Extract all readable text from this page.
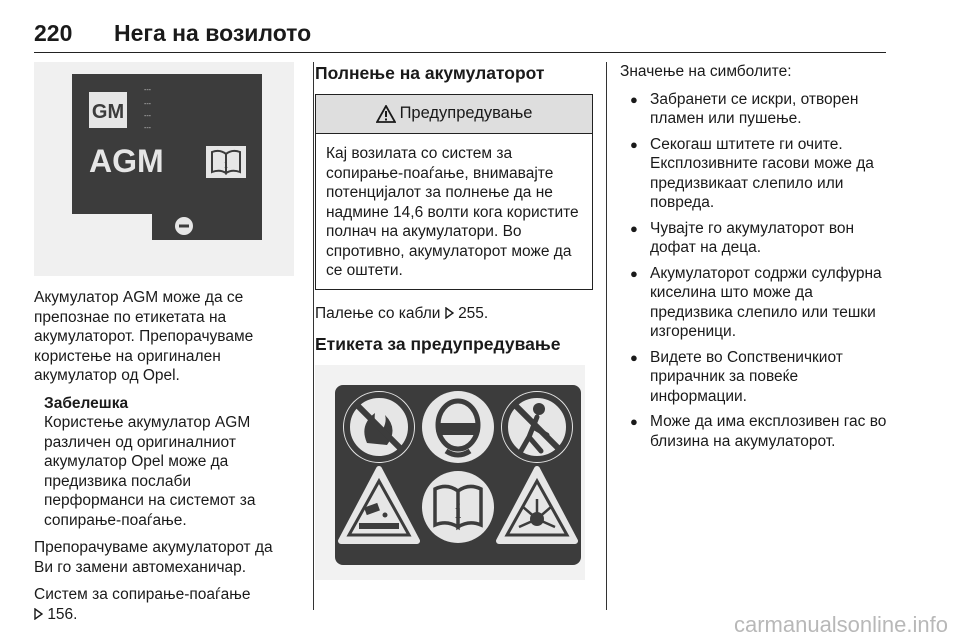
220 Нега на возилото
GM
---
---
---
---
AGM	i

Акумулатор AGM може да се препознае по етикетата на акумулаторот. Препорачуваме користење на оригинален акумулатор од Opel.

Забелешка

Користење акумулатор AGM различен од оригиналниот акумулатор Opel може да предизвика послаби перформанси на системот за сопирање-поаѓање.

Препорачуваме акумулаторот да Ви го замени автомеханичар.

Систем за сопирање-поаѓање
156.

Полнење на акумулаторот
Предупредување
Кај возилата со систем за сопирање-поаѓање, внимавајте потенцијалот за полнење да не надмине 14,6 волти кога користите полнач на акумулатори. Во спротивно, акумулаторот може да се оштети.

Палење со кабли 255.

Етикета за предупредување
i

Значење на симболите:

● Забранети се искри, отворен пламен или пушење.
● Секогаш штитете ги очите. Експлозивните гасови може да предизвикаат слепило или повреда.
● Чувајте го акумулаторот вон дофат на деца.
● Акумулаторот содржи сулфурна киселина што може да предизвика слепило или тешки изгореници.
● Видете во Сопственичкиот прирачник за повеќе информации.
● Може да има експлозивен гас во близина на акумулаторот.
carmanualsonline.info
